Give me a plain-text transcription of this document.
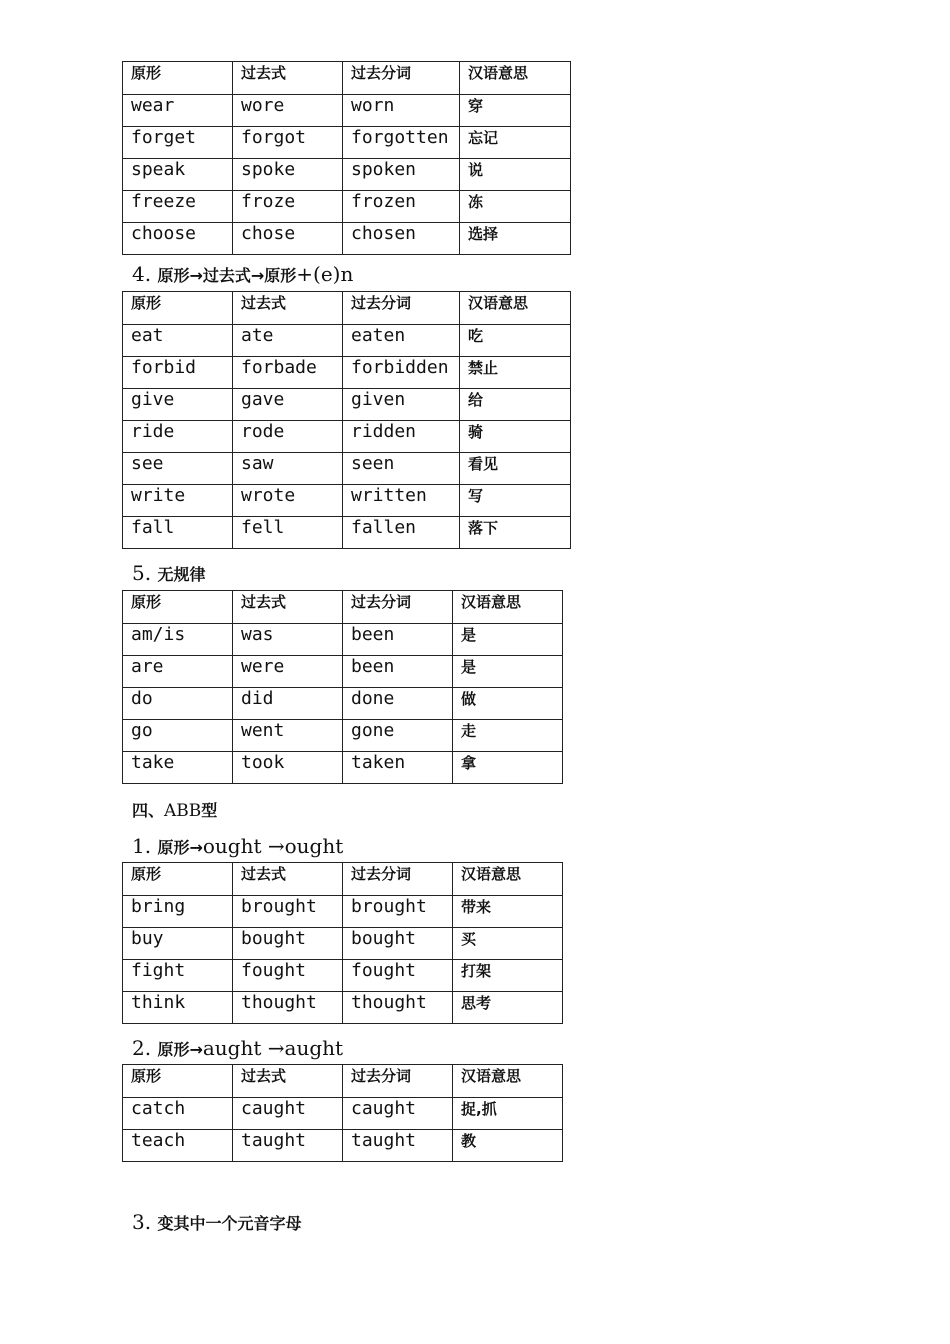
原形	过去式	过去分词	汉语意思
wear	wore	worn	穿
forget	forgot	forgotten	忘记
speak	spoke	spoken	说
freeze	froze	frozen	冻
choose	chose	chosen	选择
4. 原形→过去式→原形+(e)n
原形	过去式	过去分词	汉语意思
eat	ate	eaten	吃
forbid	forbade	forbidden	禁止
give	gave	given	给
ride	rode	ridden	骑
see	saw	seen	看见
write	wrote	written	写
fall	fell	fallen	落下
5. 无规律
原形	过去式	过去分词	汉语意思
am/is	was	been	是
are	were	been	是
do	did	done	做
go	went	gone	走
take	took	taken	拿
四、ABB型
1. 原形→ought →ought
原形	过去式	过去分词	汉语意思
bring	brought	brought	带来
buy	bought	bought	买
fight	fought	fought	打架
think	thought	thought	思考
2. 原形→aught →aught
原形	过去式	过去分词	汉语意思
catch	caught	caught	捉,抓
teach	taught	taught	教
3. 变其中一个元音字母
